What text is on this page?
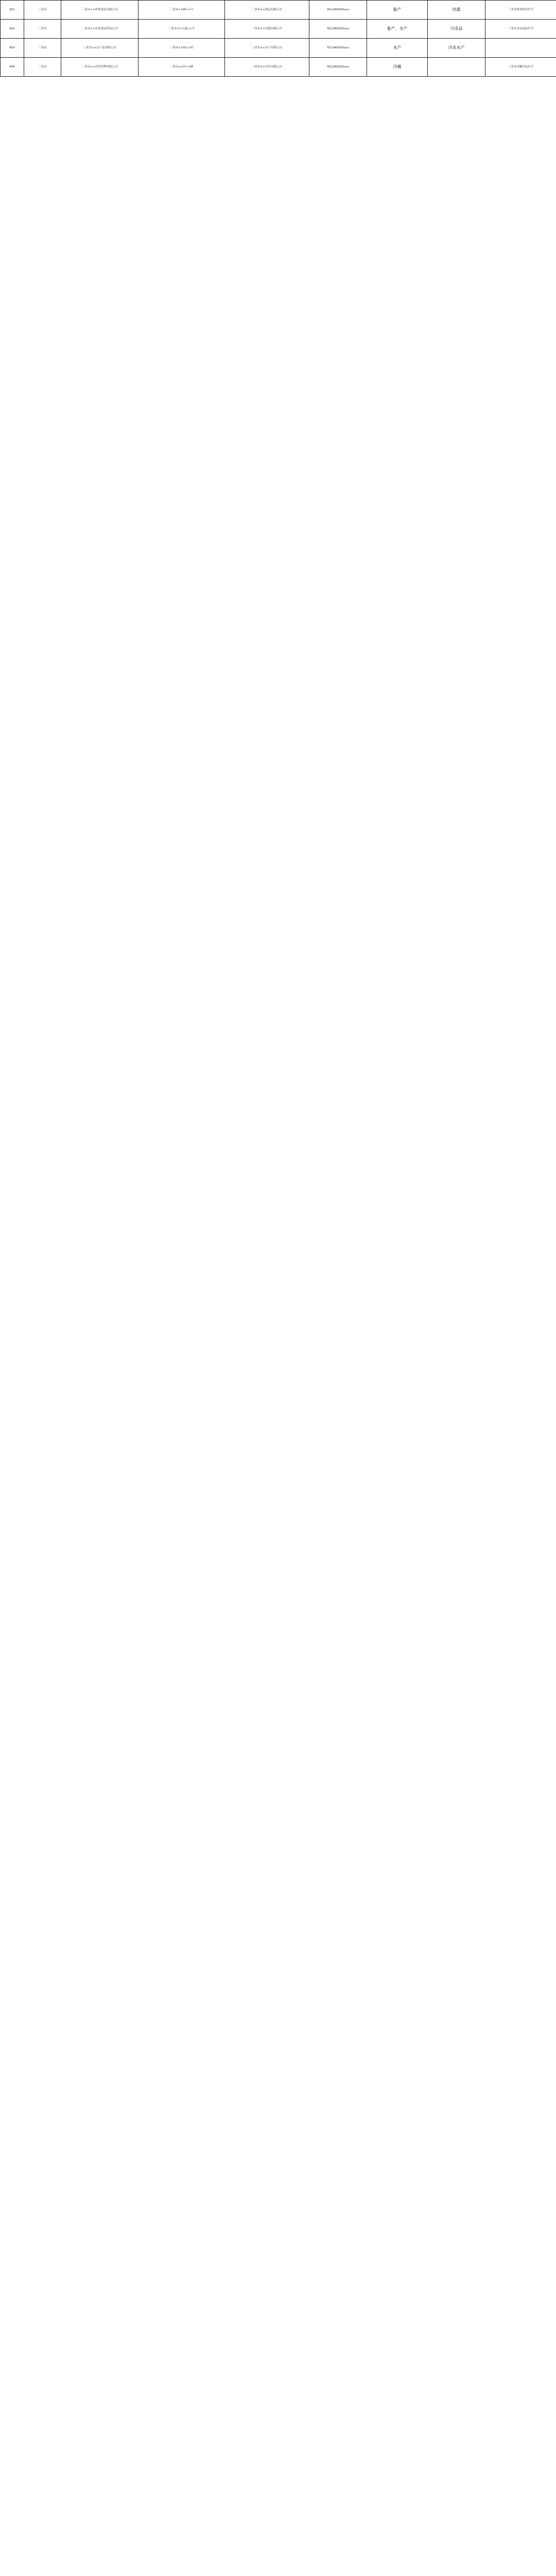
401	三亚市	三亚市××肉类食品有限公司	三亚市××路××号	三亚市××食品有限公司	琼CL460200xxx	畜产	肉禽	三亚市肉类经营许可
402	三亚市	三亚市××冷冻食品贸易公司	三亚市××大道××号	三亚市××冷链有限公司	琼CL460200xxx	畜产、水产	冷冻品	三亚市冷冻食品许可
403	三亚市	三亚市××水产品有限公司	三亚市××镇××村	三亚市××水产有限公司	琼CL460200xxx	水产	冷冻水产	
404	三亚市	三亚市××冷库管理有限公司	三亚市××区××路	三亚市××冷库有限公司	琼CL460200xxx	冷藏		三亚市冷藏冷冻许可
